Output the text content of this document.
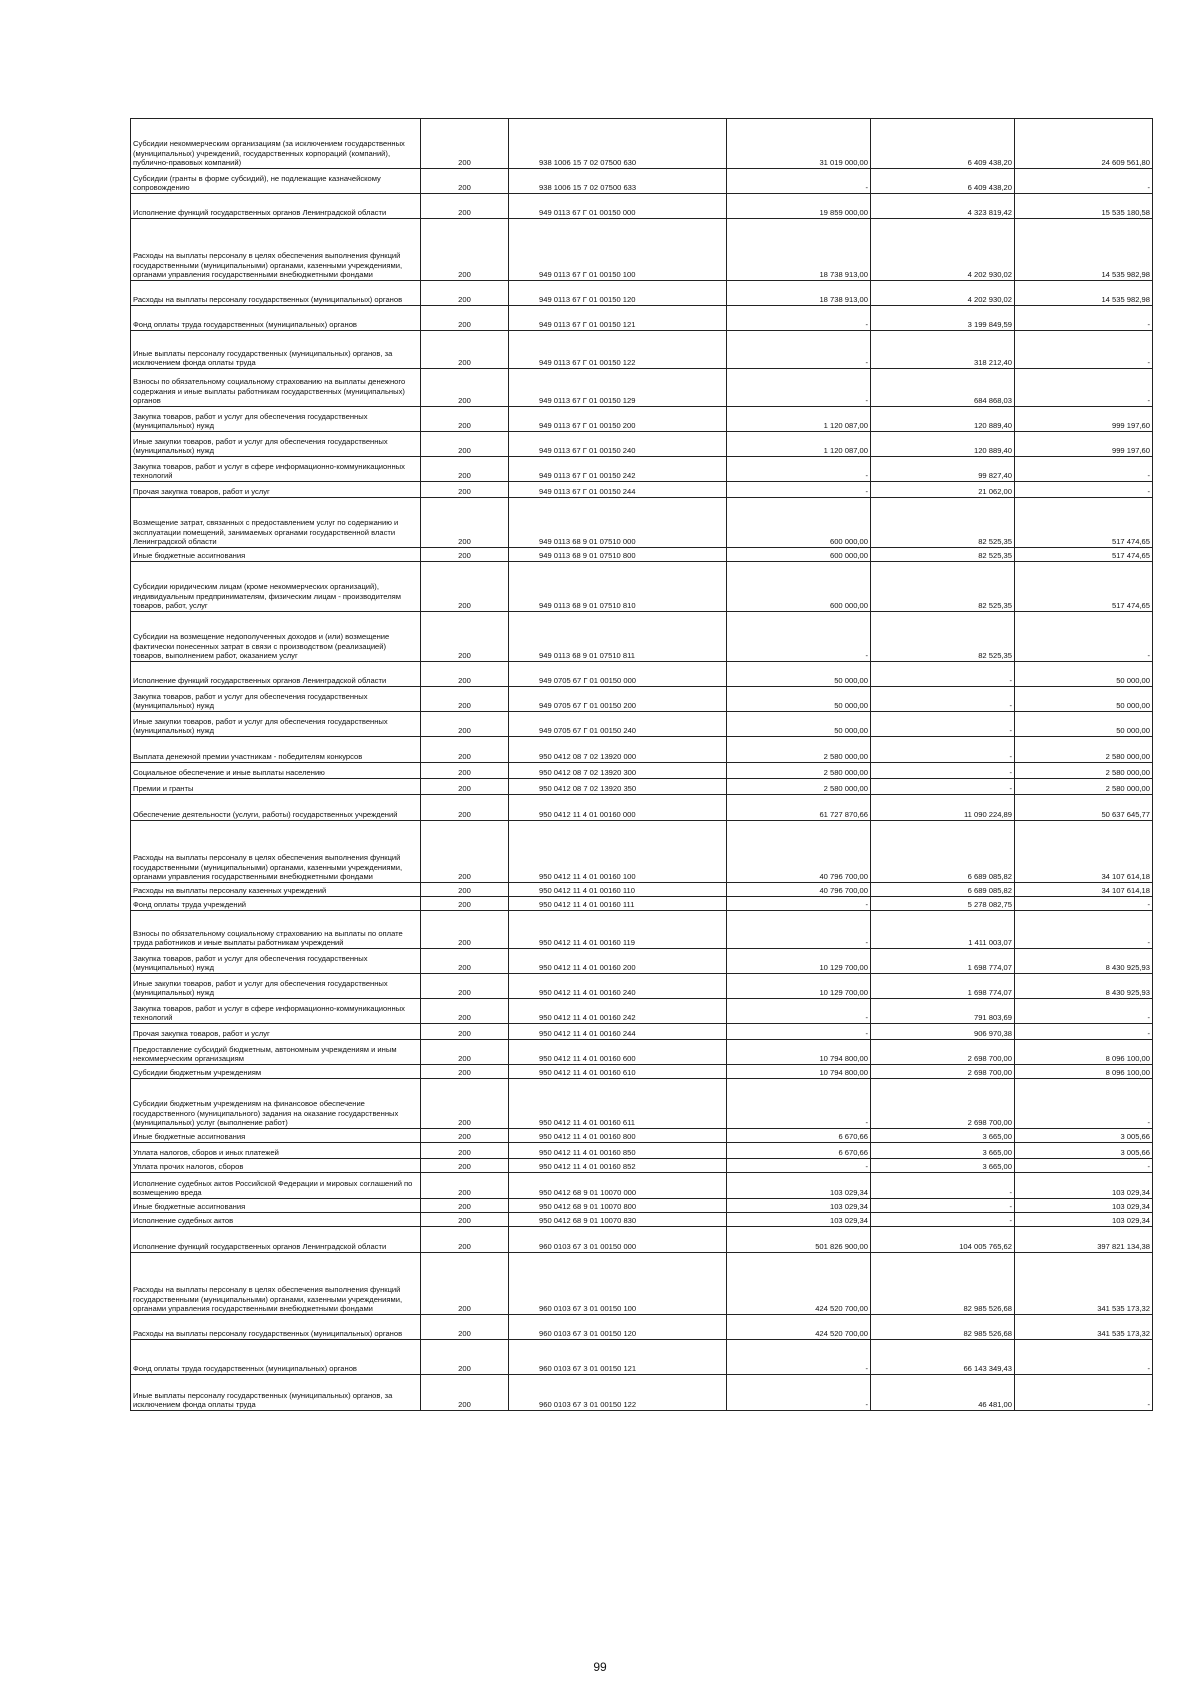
Субсидии некоммерческим организациям (за исключением государственных (муниципальных) учреждений, государственных корпораций (компаний), публично-правовых компаний)	200	938 1006 15 7 02 07500 630	31 019 000,00	6 409 438,20	24 609 561,80
Субсидии (гранты в форме субсидий), не подлежащие казначейскому сопровождению	200	938 1006 15 7 02 07500 633	-	6 409 438,20	-
Исполнение функций государственных органов Ленинградской области	200	949 0113 67 Г 01 00150 000	19 859 000,00	4 323 819,42	15 535 180,58
Расходы на выплаты персоналу в целях обеспечения выполнения функций государственными (муниципальными) органами, казенными учреждениями, органами управления государственными внебюджетными фондами	200	949 0113 67 Г 01 00150 100	18 738 913,00	4 202 930,02	14 535 982,98
Расходы на выплаты персоналу государственных (муниципальных) органов	200	949 0113 67 Г 01 00150 120	18 738 913,00	4 202 930,02	14 535 982,98
Фонд оплаты труда государственных (муниципальных) органов	200	949 0113 67 Г 01 00150 121	-	3 199 849,59	-
Иные выплаты персоналу государственных (муниципальных) органов, за исключением фонда оплаты труда	200	949 0113 67 Г 01 00150 122	-	318 212,40	-
Взносы по обязательному социальному страхованию на выплаты денежного содержания и иные выплаты работникам государственных (муниципальных) органов	200	949 0113 67 Г 01 00150 129	-	684 868,03	-
Закупка товаров, работ и услуг для обеспечения государственных (муниципальных) нужд	200	949 0113 67 Г 01 00150 200	1 120 087,00	120 889,40	999 197,60
Иные закупки товаров, работ и услуг для обеспечения государственных (муниципальных) нужд	200	949 0113 67 Г 01 00150 240	1 120 087,00	120 889,40	999 197,60
Закупка товаров, работ и услуг в сфере информационно-коммуникационных технологий	200	949 0113 67 Г 01 00150 242	-	99 827,40	-
Прочая закупка товаров, работ и услуг	200	949 0113 67 Г 01 00150 244	-	21 062,00	-
Возмещение затрат, связанных с предоставлением услуг по содержанию и эксплуатации помещений, занимаемых органами государственной власти Ленинградской области	200	949 0113 68 9 01 07510 000	600 000,00	82 525,35	517 474,65
Иные бюджетные ассигнования	200	949 0113 68 9 01 07510 800	600 000,00	82 525,35	517 474,65
Субсидии юридическим лицам (кроме некоммерческих организаций), индивидуальным предпринимателям, физическим лицам - производителям товаров, работ, услуг	200	949 0113 68 9 01 07510 810	600 000,00	82 525,35	517 474,65
Субсидии на возмещение недополученных доходов и (или) возмещение фактически понесенных затрат в связи с производством (реализацией) товаров, выполнением работ, оказанием услуг	200	949 0113 68 9 01 07510 811	-	82 525,35	-
Исполнение функций государственных органов Ленинградской области	200	949 0705 67 Г 01 00150 000	50 000,00	-	50 000,00
Закупка товаров, работ и услуг для обеспечения государственных (муниципальных) нужд	200	949 0705 67 Г 01 00150 200	50 000,00	-	50 000,00
Иные закупки товаров, работ и услуг для обеспечения государственных (муниципальных) нужд	200	949 0705 67 Г 01 00150 240	50 000,00	-	50 000,00
Выплата денежной премии участникам - победителям конкурсов	200	950 0412 08 7 02 13920 000	2 580 000,00	-	2 580 000,00
Социальное обеспечение и иные выплаты населению	200	950 0412 08 7 02 13920 300	2 580 000,00	-	2 580 000,00
Премии и гранты	200	950 0412 08 7 02 13920 350	2 580 000,00	-	2 580 000,00
Обеспечение деятельности (услуги, работы) государственных учреждений	200	950 0412 11 4 01 00160 000	61 727 870,66	11 090 224,89	50 637 645,77
Расходы на выплаты персоналу в целях обеспечения выполнения функций государственными (муниципальными) органами, казенными учреждениями, органами управления государственными внебюджетными фондами	200	950 0412 11 4 01 00160 100	40 796 700,00	6 689 085,82	34 107 614,18
Расходы на выплаты персоналу казенных учреждений	200	950 0412 11 4 01 00160 110	40 796 700,00	6 689 085,82	34 107 614,18
Фонд оплаты труда учреждений	200	950 0412 11 4 01 00160 111	-	5 278 082,75	-
Взносы по обязательному социальному страхованию на выплаты по оплате труда работников и иные выплаты работникам учреждений	200	950 0412 11 4 01 00160 119	-	1 411 003,07	-
Закупка товаров, работ и услуг для обеспечения государственных (муниципальных) нужд	200	950 0412 11 4 01 00160 200	10 129 700,00	1 698 774,07	8 430 925,93
Иные закупки товаров, работ и услуг для обеспечения государственных (муниципальных) нужд	200	950 0412 11 4 01 00160 240	10 129 700,00	1 698 774,07	8 430 925,93
Закупка товаров, работ и услуг в сфере информационно-коммуникационных технологий	200	950 0412 11 4 01 00160 242	-	791 803,69	-
Прочая закупка товаров, работ и услуг	200	950 0412 11 4 01 00160 244	-	906 970,38	-
Предоставление субсидий бюджетным, автономным учреждениям и иным некоммерческим организациям	200	950 0412 11 4 01 00160 600	10 794 800,00	2 698 700,00	8 096 100,00
Субсидии бюджетным учреждениям	200	950 0412 11 4 01 00160 610	10 794 800,00	2 698 700,00	8 096 100,00
Субсидии бюджетным учреждениям на финансовое обеспечение государственного (муниципального) задания на оказание государственных (муниципальных) услуг (выполнение работ)	200	950 0412 11 4 01 00160 611	-	2 698 700,00	-
Иные бюджетные ассигнования	200	950 0412 11 4 01 00160 800	6 670,66	3 665,00	3 005,66
Уплата налогов, сборов и иных платежей	200	950 0412 11 4 01 00160 850	6 670,66	3 665,00	3 005,66
Уплата прочих налогов, сборов	200	950 0412 11 4 01 00160 852	-	3 665,00	-
Исполнение судебных актов Российской Федерации и мировых соглашений по возмещению вреда	200	950 0412 68 9 01 10070 000	103 029,34	-	103 029,34
Иные бюджетные ассигнования	200	950 0412 68 9 01 10070 800	103 029,34	-	103 029,34
Исполнение судебных актов	200	950 0412 68 9 01 10070 830	103 029,34	-	103 029,34
Исполнение функций государственных органов Ленинградской области	200	960 0103 67 3 01 00150 000	501 826 900,00	104 005 765,62	397 821 134,38
Расходы на выплаты персоналу в целях обеспечения выполнения функций государственными (муниципальными) органами, казенными учреждениями, органами управления государственными внебюджетными фондами	200	960 0103 67 3 01 00150 100	424 520 700,00	82 985 526,68	341 535 173,32
Расходы на выплаты персоналу государственных (муниципальных) органов	200	960 0103 67 3 01 00150 120	424 520 700,00	82 985 526,68	341 535 173,32
Фонд оплаты труда государственных (муниципальных) органов	200	960 0103 67 3 01 00150 121	-	66 143 349,43	-
Иные выплаты персоналу государственных (муниципальных) органов, за исключением фонда оплаты труда	200	960 0103 67 3 01 00150 122	-	46 481,00	-
99
